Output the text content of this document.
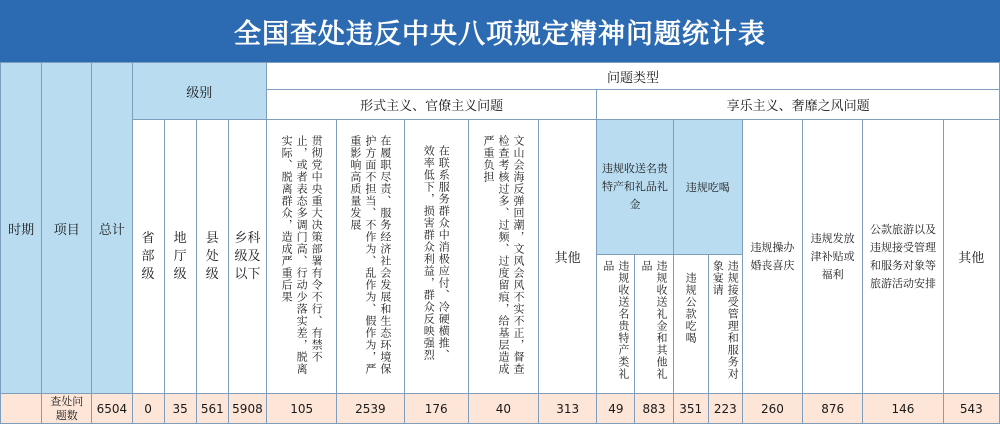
全国查处违反中央八项规定精神问题统计表
时期	项目	总计	级别				问题类型												
							形式主义、官僚主义问题					享乐主义、奢靡之风问题							
			省部级	地厅级	县处级	乡科级及以下	贯彻党中央重大决策部署有令不行、有禁不止，或者表态多调门高、行动少落实差，脱离实际、脱离群众，造成严重后果	在履职尽责、服务经济社会发展和生态环境保护方面不担当、不作为、乱作为、假作为，严重影响高质量发展	在联系服务群众中消极应付、冷硬横推、效率低下，损害群众利益，群众反映强烈	文山会海反弹回潮，文风会风不实不正，督查检查考核过多、过频、过度留痕，给基层造成严重负担	其他	违规收送名贵特产和礼品礼金		违规吃喝		违规操办婚丧喜庆	违规发放津补贴或福利	公款旅游以及违规接受管理和服务对象等旅游活动安排	其他
												违规收送名贵特产类礼品	违规收送礼金和其他礼品	违规公款吃喝	违规接受管理和服务对象宴请				
	查处问题数	6504	0	35	561	5908	105	2539	176	40	313	49	883	351	223	260	876	146	543
